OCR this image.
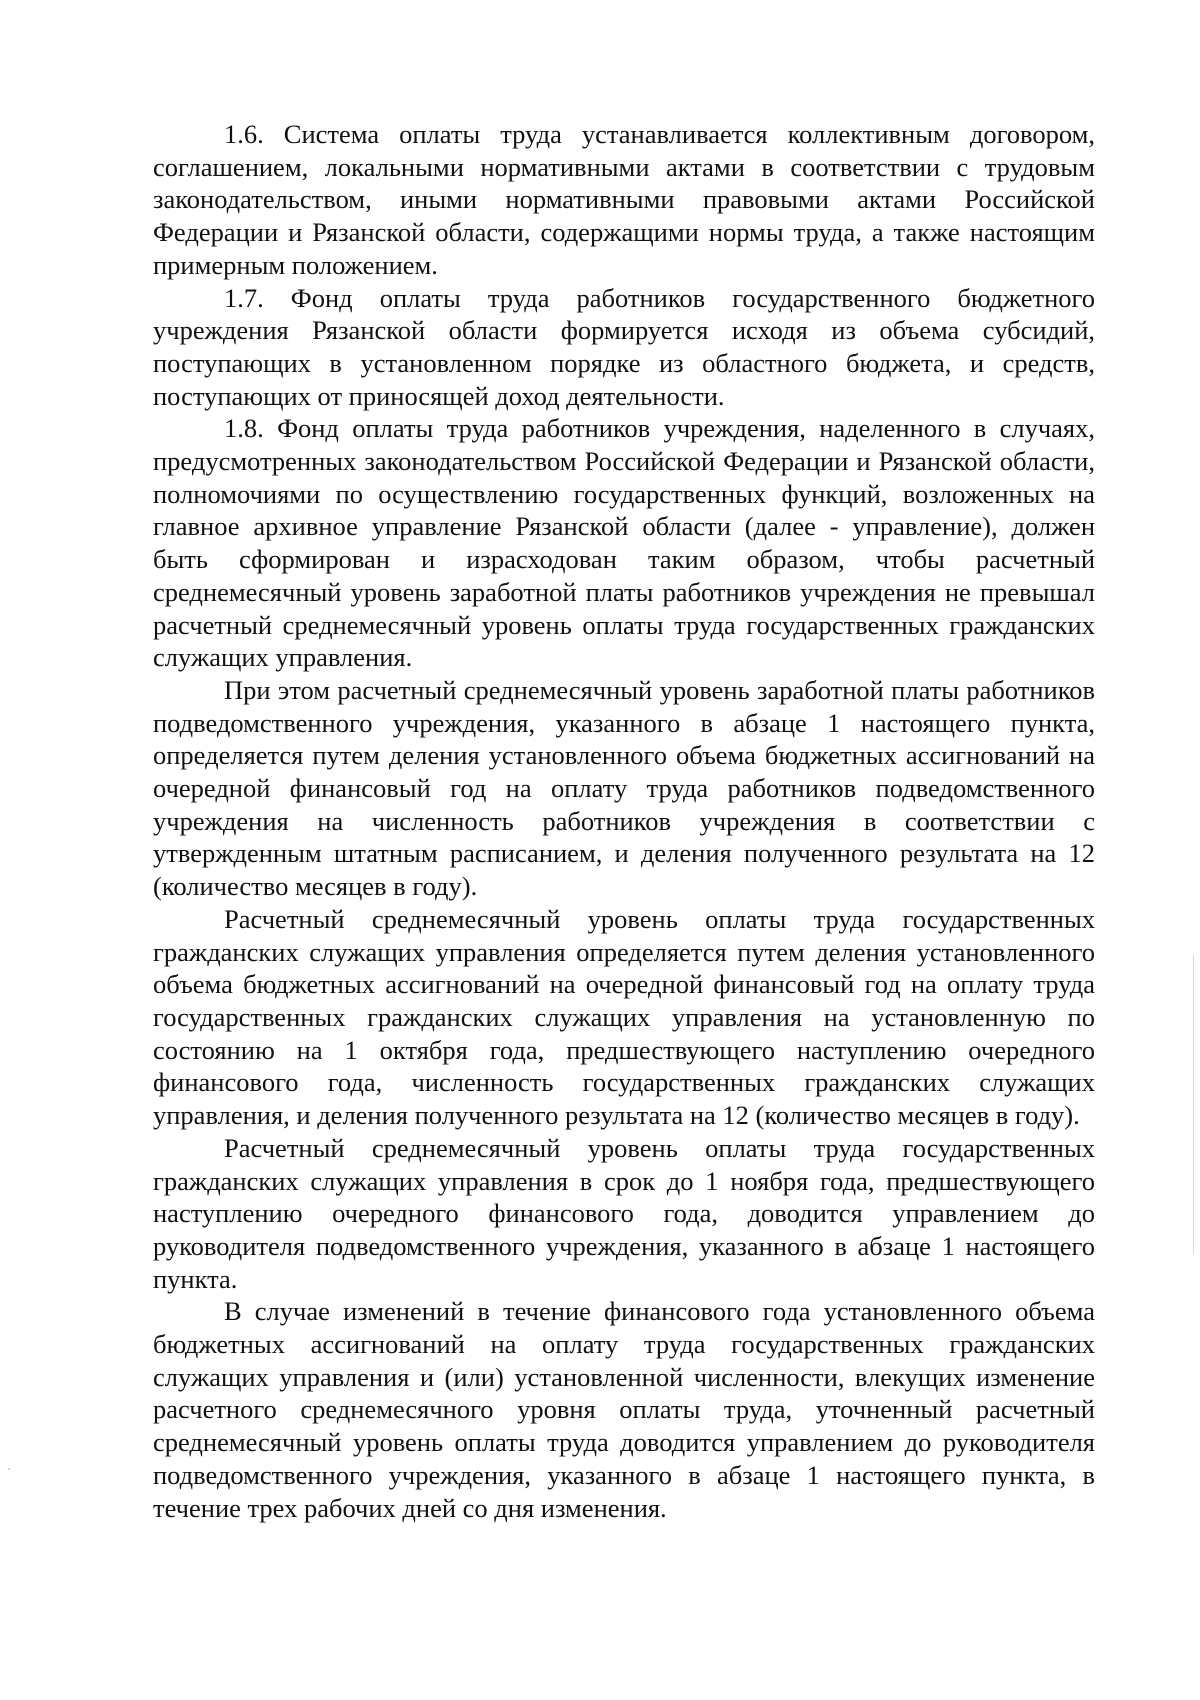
1.6. Система оплаты труда устанавливается коллективным договором, соглашением, локальными нормативными актами в соответствии с трудовым законодательством, иными нормативными правовыми актами Российской Федерации и Рязанской области, содержащими нормы труда, а также настоящим примерным положением.

1.7. Фонд оплаты труда работников государственного бюджетного учреждения Рязанской области формируется исходя из объема субсидий, поступающих в установленном порядке из областного бюджета, и средств, поступающих от приносящей доход деятельности.

1.8. Фонд оплаты труда работников учреждения, наделенного в случаях, предусмотренных законодательством Российской Федерации и Рязанской области, полномочиями по осуществлению государственных функций, возложенных на главное архивное управление Рязанской области (далее - управление), должен быть сформирован и израсходован таким образом, чтобы расчетный среднемесячный уровень заработной платы работников учреждения не превышал расчетный среднемесячный уровень оплаты труда государственных гражданских служащих управления.

При этом расчетный среднемесячный уровень заработной платы работников подведомственного учреждения, указанного в абзаце 1 настоящего пункта, определяется путем деления установленного объема бюджетных ассигнований на очередной финансовый год на оплату труда работников подведомственного учреждения на численность работников учреждения в соответствии с утвержденным штатным расписанием, и деления полученного результата на 12 (количество месяцев в году).

Расчетный среднемесячный уровень оплаты труда государственных гражданских служащих управления определяется путем деления установленного объема бюджетных ассигнований на очередной финансовый год на оплату труда государственных гражданских служащих управления на установленную по состоянию на 1 октября года, предшествующего наступлению очередного финансового года, численность государственных гражданских служащих управления, и деления полученного результата на 12 (количество месяцев в году).

Расчетный среднемесячный уровень оплаты труда государственных гражданских служащих управления в срок до 1 ноября года, предшествующего наступлению очередного финансового года, доводится управлением до руководителя подведомственного учреждения, указанного в абзаце 1 настоящего пункта.

В случае изменений в течение финансового года установленного объема бюджетных ассигнований на оплату труда государственных гражданских служащих управления и (или) установленной численности, влекущих изменение расчетного среднемесячного уровня оплаты труда, уточненный расчетный среднемесячный уровень оплаты труда доводится управлением до руководителя подведомственного учреждения, указанного в абзаце 1 настоящего пункта, в течение трех рабочих дней со дня изменения.
